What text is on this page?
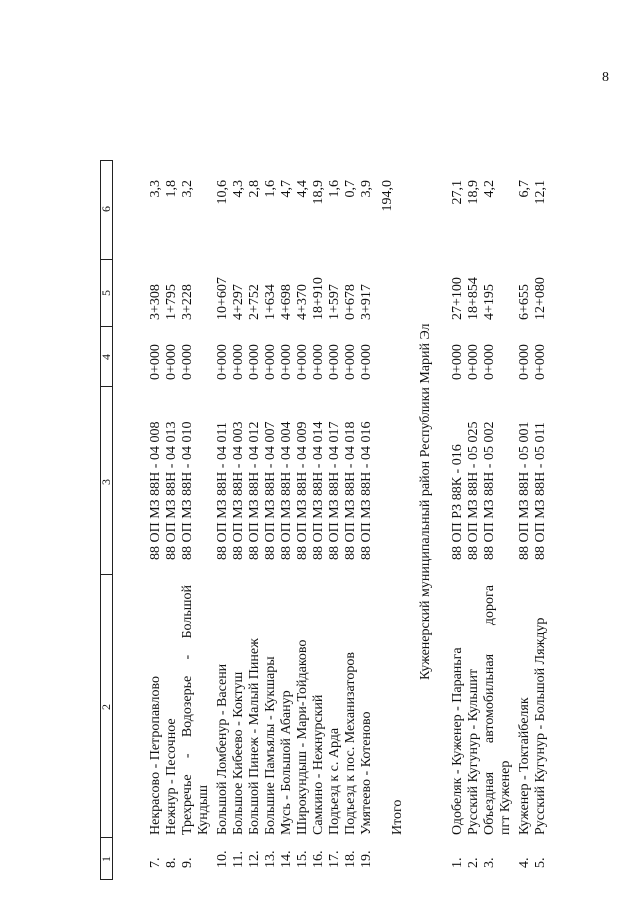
8
1
2
3
4
5
6
7.
Некрасово - Петропавлово
88 ОП МЗ 88Н - 04 008
0+000
3+308
3,3
8.
Нежнур - Песочное
88 ОП МЗ 88Н - 04 013
0+000
1+795
1,8
9.
Трехречье
-
Водозерье
-
Большой
88 ОП МЗ 88Н - 04 010
0+000
3+228
3,2
Кундыш
10.
Большой Ломбенур - Васени
88 ОП МЗ 88Н - 04 011
0+000
10+607
10,6
11.
Большое Кибеево - Коктуш
88 ОП МЗ 88Н - 04 003
0+000
4+297
4,3
12.
Большой Пинеж - Малый Пинеж
88 ОП МЗ 88Н - 04 012
0+000
2+752
2,8
13.
Большие Памъялы - Кукшары
88 ОП МЗ 88Н - 04 007
0+000
1+634
1,6
14.
Мусь - Большой Абанур
88 ОП МЗ 88Н - 04 004
0+000
4+698
4,7
15.
Широкундыш - Мари-Тойдаково
88 ОП МЗ 88Н - 04 009
0+000
4+370
4,4
16.
Самкино - Нежнурский
88 ОП МЗ 88Н - 04 014
0+000
18+910
18,9
17.
Подъезд к с. Арда
88 ОП МЗ 88Н - 04 017
0+000
1+597
1,6
18.
Подъезд к пос. Механизаторов
88 ОП МЗ 88Н - 04 018
0+000
0+678
0,7
19.
Умятеево - Котеново
88 ОП МЗ 88Н - 04 016
0+000
3+917
3,9
Итого
194,0
Куженерский муниципальный район Республики Марий Эл
1.
Одобеляк - Куженер - Параньга
88 ОП РЗ 88К - 016
0+000
27+100
27,1
2.
Русский Кугунур - Кульшит
88 ОП МЗ 88Н - 05 025
0+000
18+854
18,9
3.
Объездная
автомобильная
дорога
88 ОП МЗ 88Н - 05 002
0+000
4+195
4,2
пгт Куженер
4.
Куженер - Токтайбеляк
88 ОП МЗ 88Н - 05 001
0+000
6+655
6,7
5.
Русский Кугунур - Большой Ляждур
88 ОП МЗ 88Н - 05 011
0+000
12+080
12,1
